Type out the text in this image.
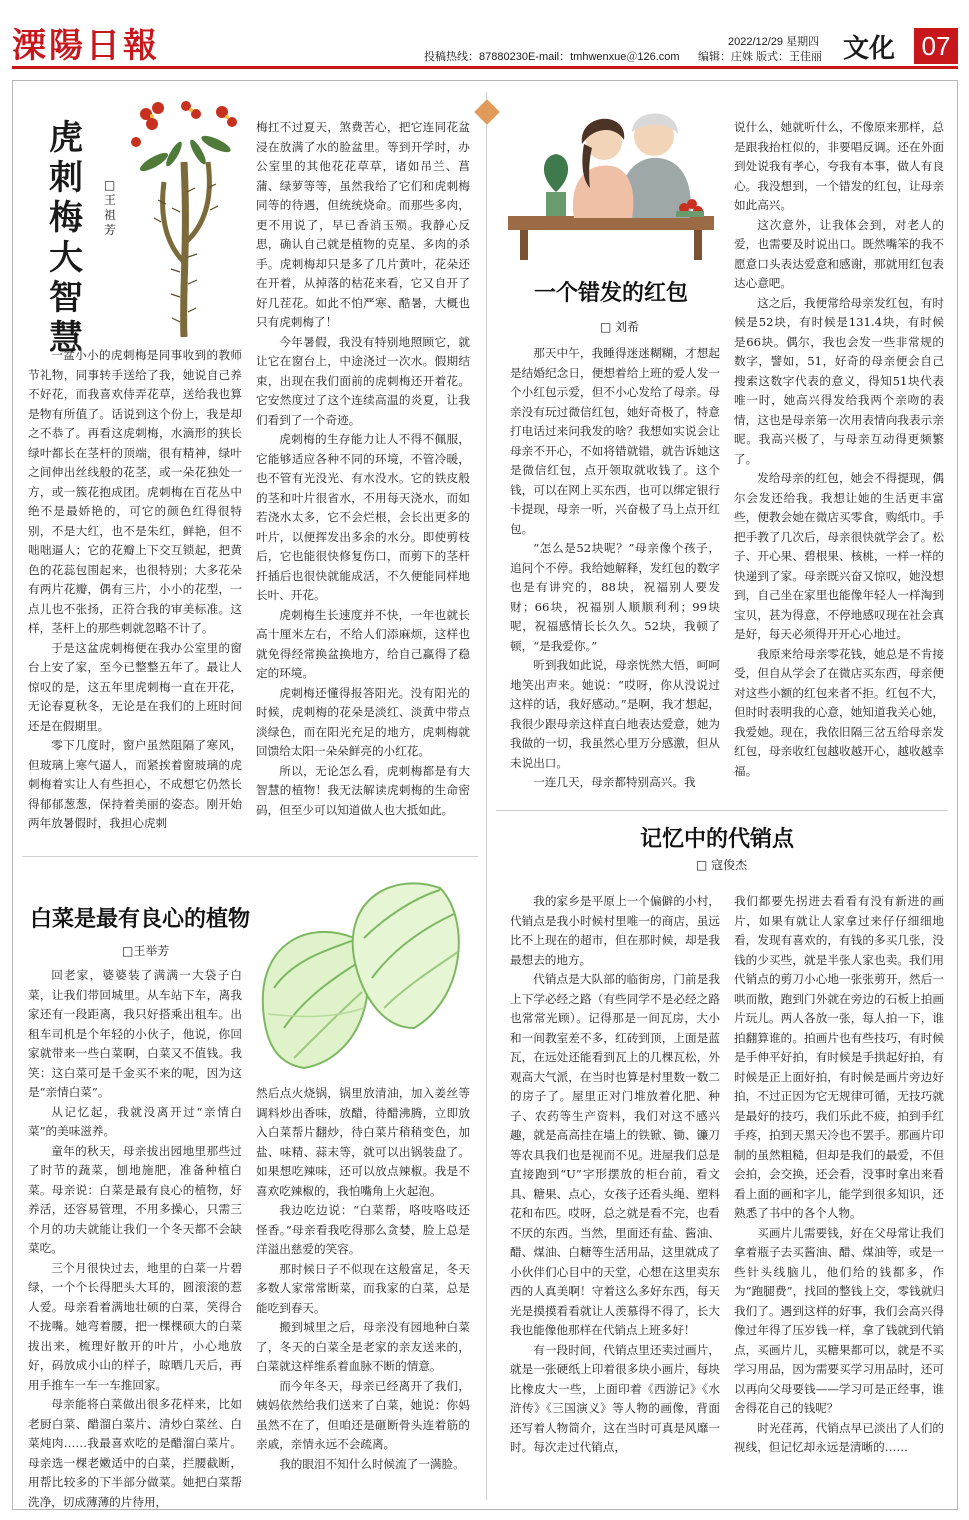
溧陽日報	投稿热线：87880230E-mail：tmhwenxue＠126.com
2022/12/29 星期四
编辑：庄姝 版式：王佳丽 文化 07
虎刺梅大智慧
□王祖芳

一盆小小的虎刺梅是同事收到的教师节礼物，同事转手送给了我，她说自己养不好花，而我喜欢侍弄花草，送给我也算是物有所值了。话说到这个份上，我是却之不恭了。再看这虎刺梅，水滴形的狭长绿叶都长在茎杆的顶端，很有精神，绿叶之间伸出丝线般的花茎，或一朵花独处一方，或一簇花抱成团。虎刺梅在百花丛中绝不是最娇艳的，可它的颜色红得很特别，不是大红，也不是朱红，鲜艳，但不咄咄逼人；它的花瓣上下交互锁起，把黄色的花蕊包围起来，也很特别；大多花朵有两片花瓣，偶有三片，小小的花型，一点儿也不张扬，正符合我的审美标准。这样，茎杆上的那些刺就忽略不计了。

于是这盆虎刺梅便在我办公室里的窗台上安了家，至今已整整五年了。最让人惊叹的是，这五年里虎刺梅一直在开花，无论春夏秋冬，无论是在我们的上班时间还是在假期里。

零下几度时，窗户虽然阻隔了寒风，但玻璃上寒气逼人，而紧挨着窗玻璃的虎刺梅着实让人有些担心，不成想它仍然长得郁郁葱葱，保持着美丽的姿态。刚开始两年放暑假时，我担心虎刺

梅扛不过夏天，煞费苦心，把它连同花盆浸在放满了水的脸盆里。等到开学时，办公室里的其他花花草草，诸如吊兰、菖蒲、绿萝等等，虽然我给了它们和虎刺梅同等的待遇，但统统烧命。而那些多肉，更不用说了，早已香消玉殒。我静心反思，确认自己就是植物的克星、多肉的杀手。虎刺梅却只是多了几片黄叶，花朵还在开着，从掉落的枯花来看，它又自开了好几茬花。如此不怕严寒、酷暑，大概也只有虎刺梅了！

今年暑假，我没有特别地照顾它，就让它在窗台上，中途浇过一次水。假期结束，出现在我们面前的虎刺梅还开着花。它安然度过了这个连续高温的炎夏，让我们看到了一个奇迹。

虎刺梅的生存能力让人不得不佩服，它能够适应各种不同的环境，不管冷暖，也不管有光没光、有水没水。它的铁皮般的茎和叶片很省水，不用每天浇水，而如若浇水太多，它不会烂根，会长出更多的叶片，以便挥发出多余的水分。即使剪枝后，它也能很快修复伤口，而剪下的茎杆扦插后也很快就能成活，不久便能同样地长叶、开花。

虎刺梅生长速度并不快，一年也就长高十厘米左右，不给人们添麻烦，这样也就免得经常换盆换地方，给自己赢得了稳定的环境。

虎刺梅还懂得报答阳光。没有阳光的时候，虎刺梅的花朵是淡红、淡黄中带点淡绿色，而在阳光充足的地方，虎刺梅就回馈给太阳一朵朵鲜亮的小红花。

所以，无论怎么看，虎刺梅都是有大智慧的植物！我无法解读虎刺梅的生命密码，但至少可以知道做人也大抵如此。

一个错发的红包
□ 刘希

那天中午，我睡得迷迷糊糊，才想起是结婚纪念日，便想着给上班的爱人发一个小红包示爱，但不小心发给了母亲。母亲没有玩过微信红包，她好奇极了，特意打电话过来问我发的啥？我想如实说会让母亲不开心，不如将错就错，就告诉她这是微信红包，点开领取就收钱了。这个钱，可以在网上买东西，也可以绑定银行卡提现，母亲一听，兴奋极了马上点开红包。

“怎么是52块呢？”母亲像个孩子，追问个不停。我给她解释，发红包的数字也是有讲究的，88块，祝福别人要发财；66块，祝福别人顺顺利利；99块呢，祝福感情长长久久。52块，我顿了顿，“是我爱你。”

听到我如此说，母亲恍然大悟，呵呵地笑出声来。她说：“哎呀，你从没说过这样的话，我好感动。”是啊，我才想起，我很少跟母亲这样直白地表达爱意，她为我做的一切，我虽然心里万分感激，但从未说出口。

一连几天，母亲都特别高兴。我

说什么，她就听什么，不像原来那样，总是跟我抬杠似的，非要唱反调。还在外面到处说我有孝心，夸我有本事，做人有良心。我没想到，一个错发的红包，让母亲如此高兴。

这次意外，让我体会到，对老人的爱，也需要及时说出口。既然嘴笨的我不愿意口头表达爱意和感谢，那就用红包表达心意吧。

这之后，我便常给母亲发红包，有时候是52块，有时候是131.4块，有时候是66块。偶尔，我也会发一些非常规的数字，譬如，51，好奇的母亲便会自己搜索这数字代表的意义，得知51块代表唯一时，她高兴得发给我两个亲吻的表情，这也是母亲第一次用表情向我表示亲昵。我高兴极了，与母亲互动得更频繁了。

发给母亲的红包，她会不得提现，偶尔会发还给我。我想让她的生活更丰富些，便教会她在微店买零食，购纸巾。手把手教了几次后，母亲很快就学会了。松子、开心果、碧根果、核桃，一样一样的快递到了家。母亲既兴奋又惊叹，她没想到，自己坐在家里也能像年轻人一样淘到宝贝，甚为得意，不停地感叹现在社会真是好，每天必须得开开心心地过。

我原来给母亲零花钱，她总是不肯接受，但自从学会了在微店买东西，母亲便对这些小额的红包来者不拒。红包不大，但时时表明我的心意，她知道我关心她，我爱她。现在，我依旧隔三岔五给母亲发红包，母亲收红包越收越开心，越收越幸福。

白菜是最有良心的植物
□王举芳

回老家，婆婆装了满满一大袋子白菜，让我们带回城里。从车站下车，离我家还有一段距离，我只好搭乘出租车。出租车司机是个年轻的小伙子，他说，你回家就带来一些白菜啊，白菜又不值钱。我笑：这白菜可是千金买不来的呢，因为这是“亲情白菜”。

从记忆起，我就没离开过“亲情白菜”的美味滋养。

童年的秋天，母亲拔出园地里那些过了时节的蔬菜，刨地施肥，准备种植白菜。母亲说：白菜是最有良心的植物，好养活，还容易管理，不用多操心，只需三个月的功夫就能让我们一个冬天都不会缺菜吃。

三个月很快过去，地里的白菜一片碧绿，一个个长得肥头大耳的，圆滚滚的惹人爱。母亲看着满地壮硕的白菜，笑得合不拢嘴。她弯着腰，把一棵棵硕大的白菜拔出来，梳理好散开的叶片，小心地放好，码放成小山的样子，晾晒几天后，再用手推车一车一车推回家。

母亲能将白菜做出很多花样来，比如老厨白菜、醋溜白菜片、清炒白菜丝、白菜炖肉……我最喜欢吃的是醋溜白菜片。母亲选一棵老嫩适中的白菜，拦腰截断，用帮比较多的下半部分做菜。她把白菜帮洗净，切成薄薄的片待用，

然后点火烧锅，锅里放清油，加入姜丝等调料炒出香味，放醋，待醋沸腾，立即放入白菜帮片翻炒，待白菜片稍稍变色，加盐、味精、蒜末等，就可以出锅装盘了。如果想吃辣味，还可以放点辣椒。我是不喜欢吃辣椒的，我怕嘴角上火起泡。

我边吃边说：“白菜帮，咯吱咯吱还怪香。”母亲看我吃得那么贪婪，脸上总是洋溢出慈爱的笑容。

那时候日子不似现在这般富足，冬天多数人家常常断菜，而我家的白菜，总是能吃到春天。

搬到城里之后，母亲没有园地种白菜了，冬天的白菜全是老家的亲友送来的，白菜就这样维系着血脉不断的情意。

而今年冬天，母亲已经离开了我们，姨妈依然给我们送来了白菜，她说：你妈虽然不在了，但咱还是砸断骨头连着筋的亲戚，亲情永远不会疏离。

我的眼泪不知什么时候流了一满脸。

记忆中的代销点
□ 寇俊杰

我的家乡是平原上一个偏僻的小村，代销点是我小时候村里唯一的商店，虽远比不上现在的超市，但在那时候，却是我最想去的地方。

代销点是大队部的临街房，门前是我上下学必经之路（有些同学不是必经之路也常常光顾）。记得那是一间瓦房，大小和一间教室差不多，红砖到顶，上面是蓝瓦，在远处还能看到瓦上的几棵瓦松，外观高大气派，在当时也算是村里数一数二的房子了。屋里正对门堆放着化肥、种子、农药等生产资料，我们对这不感兴趣，就是高高挂在墙上的铁锨、锄、镰刀等农具我们也是视而不见。进屋我们总是直接跑到“U”字形摆放的柜台前，看文具、糖果、点心，女孩子还看头绳、塑料花和布匹。哎呀，总之就是看不完，也看不厌的东西。当然，里面还有盐、酱油、醋、煤油、白糖等生活用品，这里就成了小伙伴们心目中的天堂，心想在这里卖东西的人真美啊！守着这么多好东西，每天光是摸摸看看就让人羡慕得不得了，长大我也能像他那样在代销点上班多好！

有一段时间，代销点里还卖过画片，就是一张硬纸上印着很多块小画片，每块比橡皮大一些，上面印着《西游记》《水浒传》《三国演义》等人物的画像，背面还写着人物简介，这在当时可真是风靡一时。每次走过代销点，

我们都要先拐进去看看有没有新进的画片，如果有就让人家拿过来仔仔细细地看，发现有喜欢的，有钱的多买几张，没钱的少买些，就是半张人家也卖。我们用代销点的剪刀小心地一张张剪开，然后一哄而散，跑到门外就在旁边的石板上拍画片玩儿。两人各放一张，每人拍一下，谁拍翻算谁的。拍画片也有些技巧，有时候是手伸平好拍，有时候是手拱起好拍，有时候是正上面好拍，有时候是画片旁边好拍，不过正因为它无规律可循，无技巧就是最好的技巧，我们乐此不疲，拍到手红手疼，拍到天黑天冷也不罢手。那画片印制的虽然粗糙，但却是我们的最爱，不但会拍，会交换，还会看，没事时拿出来看看上面的画和字儿，能学到很多知识，还熟悉了书中的各个人物。

买画片儿需要钱，好在父母常让我们拿着瓶子去买酱油、醋、煤油等，或是一些针头线脑儿，他们给的钱都多，作为“跑腿费”，找回的整钱上交，零钱就归我们了。遇到这样的好事，我们会高兴得像过年得了压岁钱一样，拿了钱就到代销点，买画片儿，买糖果都可以，就是不买学习用品，因为需要买学习用品时，还可以再向父母要钱——学习可是正经事，谁舍得花自己的钱呢？

时光荏苒，代销点早已淡出了人们的视线，但记忆却永远是清晰的……
